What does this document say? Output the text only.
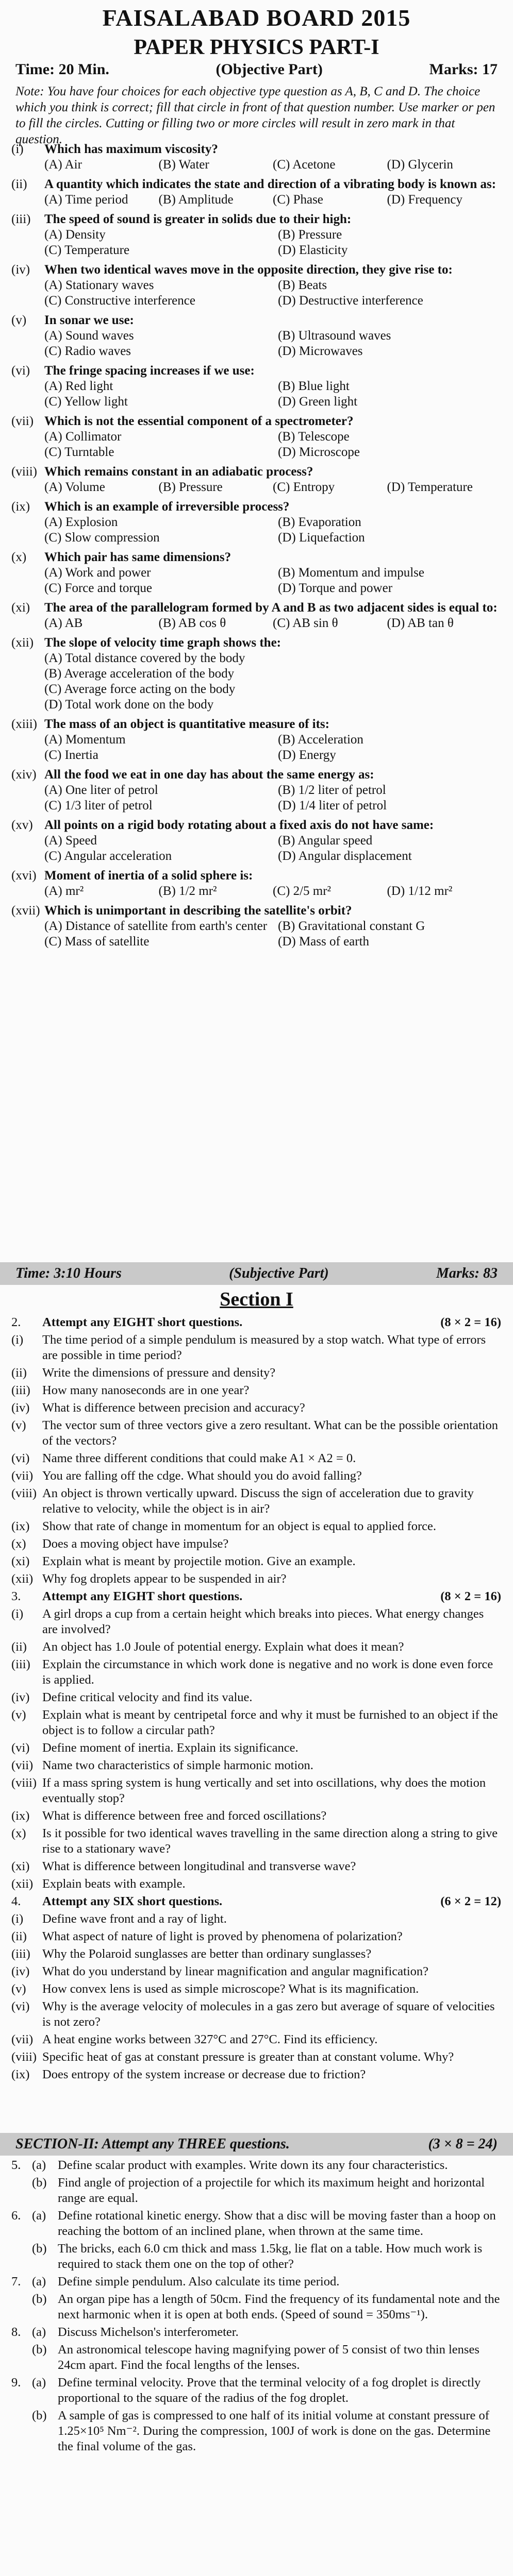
FAISALABAD BOARD 2015
PAPER PHYSICS PART-I
Time: 20 Min.	(Objective Part)	Marks: 17
Note: You have four choices for each objective type question as A, B, C and D. The choice which you think is correct; fill that circle in front of that question number. Use marker or pen to fill the circles. Cutting or filling two or more circles will result in zero mark in that question.
(i) Which has maximum viscosity?
(A) Air	(B) Water	(C) Acetone	(D) Glycerin
(ii) A quantity which indicates the state and direction of a vibrating body is known as:
(A) Time period	(B) Amplitude	(C) Phase	(D) Frequency
(iii) The speed of sound is greater in solids due to their high:
(A) Density	(B) Pressure
(C) Temperature	(D) Elasticity
(iv) When two identical waves move in the opposite direction, they give rise to:
(A) Stationary waves	(B) Beats
(C) Constructive interference	(D) Destructive interference
(v) In sonar we use:
(A) Sound waves	(B) Ultrasound waves
(C) Radio waves	(D) Microwaves
(vi) The fringe spacing increases if we use:
(A) Red light	(B) Blue light
(C) Yellow light	(D) Green light
(vii) Which is not the essential component of a spectrometer?
(A) Collimator	(B) Telescope
(C) Turntable	(D) Microscope
(viii) Which remains constant in an adiabatic process?
(A) Volume	(B) Pressure	(C) Entropy	(D) Temperature
(ix) Which is an example of irreversible process?
(A) Explosion	(B) Evaporation
(C) Slow compression	(D) Liquefaction
(x) Which pair has same dimensions?
(A) Work and power	(B) Momentum and impulse
(C) Force and torque	(D) Torque and power
(xi) The area of the parallelogram formed by A and B as two adjacent sides is equal to:
(A) AB	(B) AB cos θ	(C) AB sin θ	(D) AB tan θ
(xii) The slope of velocity time graph shows the:
(A) Total distance covered by the body
(B) Average acceleration of the body
(C) Average force acting on the body
(D) Total work done on the body
(xiii) The mass of an object is quantitative measure of its:
(A) Momentum	(B) Acceleration
(C) Inertia	(D) Energy
(xiv) All the food we eat in one day has about the same energy as:
(A) One liter of petrol	(B) 1/2 liter of petrol
(C) 1/3 liter of petrol	(D) 1/4 liter of petrol
(xv) All points on a rigid body rotating about a fixed axis do not have same:
(A) Speed	(B) Angular speed
(C) Angular acceleration	(D) Angular displacement
(xvi) Moment of inertia of a solid sphere is:
(A) mr²	(B) 1/2 mr²	(C) 2/5 mr²	(D) 1/12 mr²
(xvii) Which is unimportant in describing the satellite's orbit?
(A) Distance of satellite from earth's center (B) Gravitational constant G
(C) Mass of satellite	(D) Mass of earth
Time: 3:10 Hours	(Subjective Part)	Marks: 83
Section I
2.	Attempt any EIGHT short questions.	(8 × 2 = 16)
(i)	The time period of a simple pendulum is measured by a stop watch. What type of errors are possible in time period?
(ii)	Write the dimensions of pressure and density?
(iii) How many nanoseconds are in one year?
(iv)	What is difference between precision and accuracy?
(v)	The vector sum of three vectors give a zero resultant. What can be the possible orientation of the vectors?
(vi)	Name three different conditions that could make A1 × A2 = 0.
(vii) You are falling off the cdge. What should you do avoid falling?
(viii) An object is thrown vertically upward. Discuss the sign of acceleration due to gravity relative to velocity, while the object is in air?
(ix)	Show that rate of change in momentum for an object is equal to applied force.
(x)	Does a moving object have impulse?
(xi)	Explain what is meant by projectile motion. Give an example.
(xii) Why fog droplets appear to be suspended in air?
3.	Attempt any EIGHT short questions.	(8 × 2 = 16)
(i)	A girl drops a cup from a certain height which breaks into pieces. What energy changes are involved?
(ii)	An object has 1.0 Joule of potential energy. Explain what does it mean?
(iii) Explain the circumstance in which work done is negative and no work is done even force is applied.
(iv)	Define critical velocity and find its value.
(v)	Explain what is meant by centripetal force and why it must be furnished to an object if the object is to follow a circular path?
(vi)	Define moment of inertia. Explain its significance.
(vii) Name two characteristics of simple harmonic motion.
(viii) If a mass spring system is hung vertically and set into oscillations, why does the motion eventually stop?
(ix)	What is difference between free and forced oscillations?
(x)	Is it possible for two identical waves travelling in the same direction along a string to give rise to a stationary wave?
(xi)	What is difference between longitudinal and transverse wave?
(xii) Explain beats with example.
4.	Attempt any SIX short questions.	(6 × 2 = 12)
(i)	Define wave front and a ray of light.
(ii)	What aspect of nature of light is proved by phenomena of polarization?
(iii) Why the Polaroid sunglasses are better than ordinary sunglasses?
(iv)	What do you understand by linear magnification and angular magnification?
(v)	How convex lens is used as simple microscope? What is its magnification.
(vi)	Why is the average velocity of molecules in a gas zero but average of square of velocities is not zero?
(vii) A heat engine works between 327°C and 27°C. Find its efficiency.
(viii) Specific heat of gas at constant pressure is greater than at constant volume. Why?
(ix)	Does entropy of the system increase or decrease due to friction?
SECTION-II: Attempt any THREE questions.	(3 × 8 = 24)
5. (a) Define scalar product with examples. Write down its any four characteristics.
(b) Find angle of projection of a projectile for which its maximum height and horizontal range are equal.
6. (a) Define rotational kinetic energy. Show that a disc will be moving faster than a hoop on reaching the bottom of an inclined plane, when thrown at the same time.
(b) The bricks, each 6.0 cm thick and mass 1.5kg, lie flat on a table. How much work is required to stack them one on the top of other?
7. (a) Define simple pendulum. Also calculate its time period.
(b) An organ pipe has a length of 50cm. Find the frequency of its fundamental note and the next harmonic when it is open at both ends. (Speed of sound = 350ms⁻¹).
8. (a) Discuss Michelson's interferometer.
(b) An astronomical telescope having magnifying power of 5 consist of two thin lenses 24cm apart. Find the focal lengths of the lenses.
9. (a) Define terminal velocity. Prove that the terminal velocity of a fog droplet is directly proportional to the square of the radius of the fog droplet.
(b) A sample of gas is compressed to one half of its initial volume at constant pressure of 1.25×10⁵ Nm⁻². During the compression, 100J of work is done on the gas. Determine the final volume of the gas.
